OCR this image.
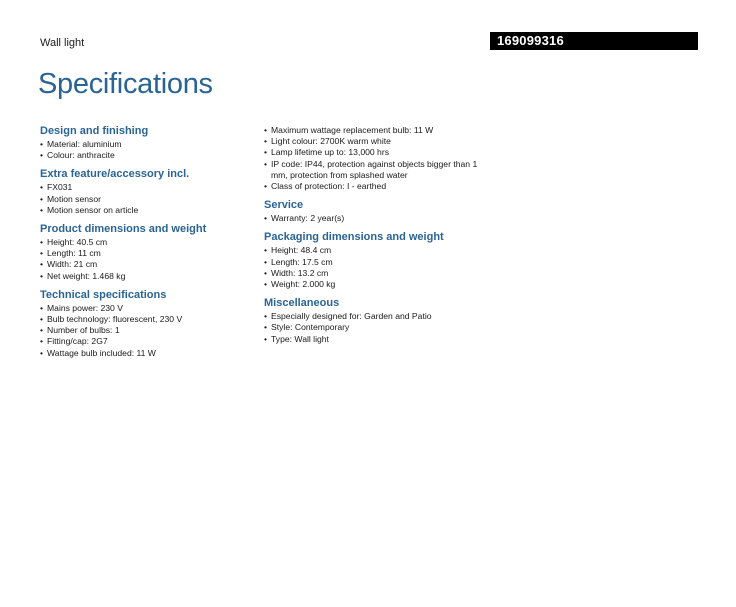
Wall light	169099316
Specifications
Design and finishing
• Material: aluminium
• Colour: anthracite
Extra feature/accessory incl.
• FX031
• Motion sensor
• Motion sensor on article
Product dimensions and weight
• Height: 40.5 cm
• Length: 11 cm
• Width: 21 cm
• Net weight: 1.468 kg
Technical specifications
• Mains power: 230 V
• Bulb technology: fluorescent, 230 V
• Number of bulbs: 1
• Fitting/cap: 2G7
• Wattage bulb included: 11 W
• Maximum wattage replacement bulb: 11 W
• Light colour: 2700K warm white
• Lamp lifetime up to: 13,000 hrs
• IP code: IP44, protection against objects bigger than 1 mm, protection from splashed water
• Class of protection: I - earthed
Service
• Warranty: 2 year(s)
Packaging dimensions and weight
• Height: 48.4 cm
• Length: 17.5 cm
• Width: 13.2 cm
• Weight: 2.000 kg
Miscellaneous
• Especially designed for: Garden and Patio
• Style: Contemporary
• Type: Wall light
